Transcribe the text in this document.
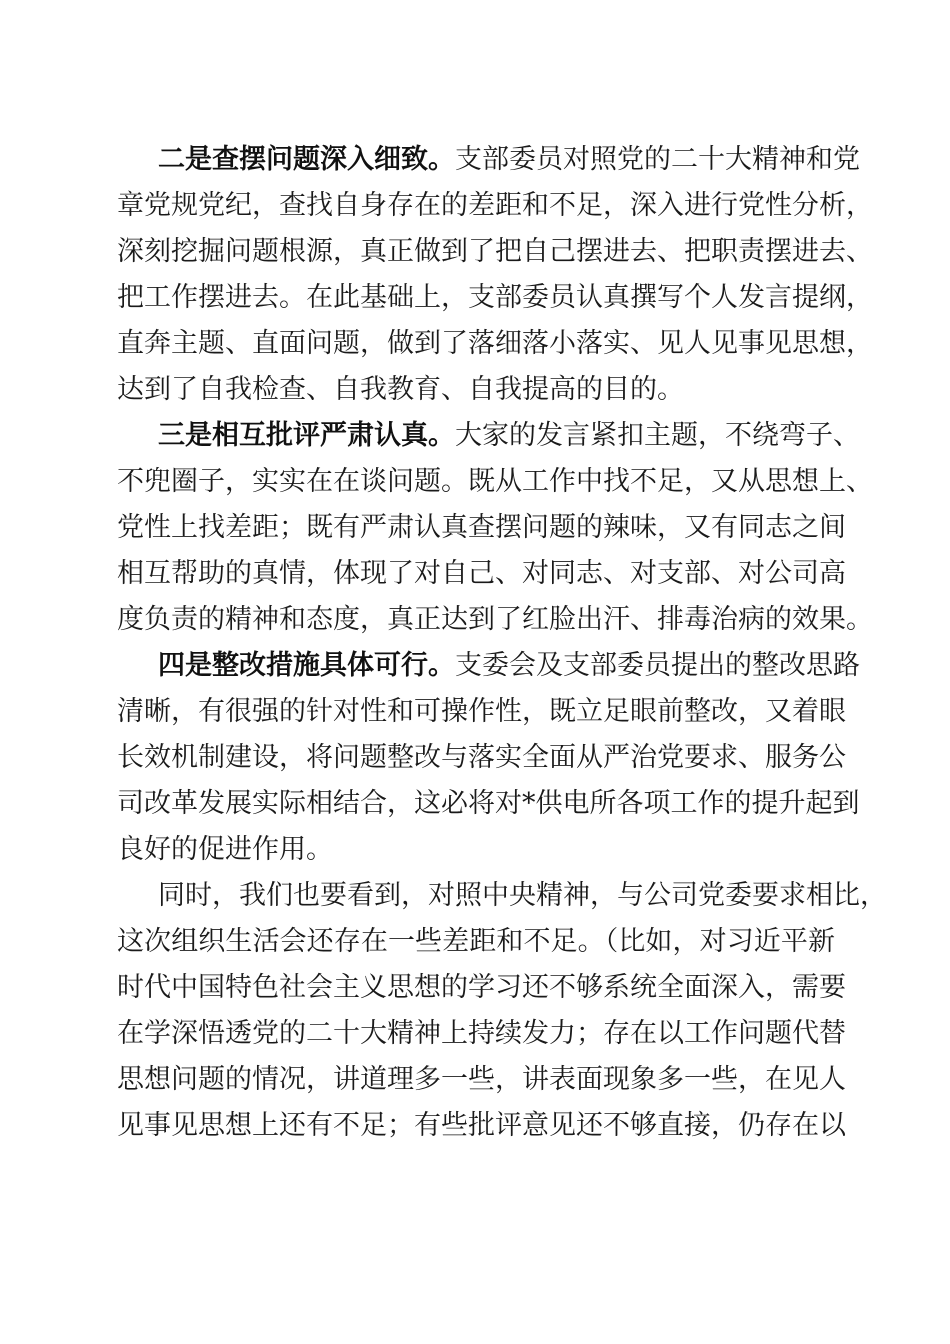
二是查摆问题深入细致。支部委员对照党的二十大精神和党
章党规党纪，查找自身存在的差距和不足，深入进行党性分析，
深刻挖掘问题根源，真正做到了把自己摆进去、把职责摆进去、
把工作摆进去。在此基础上，支部委员认真撰写个人发言提纲，
直奔主题、直面问题，做到了落细落小落实、见人见事见思想，
达到了自我检查、自我教育、自我提高的目的。
三是相互批评严肃认真。大家的发言紧扣主题，不绕弯子、
不兜圈子，实实在在谈问题。既从工作中找不足，又从思想上、
党性上找差距；既有严肃认真查摆问题的辣味，又有同志之间
相互帮助的真情，体现了对自己、对同志、对支部、对公司高
度负责的精神和态度，真正达到了红脸出汗、排毒治病的效果。
四是整改措施具体可行。支委会及支部委员提出的整改思路
清晰，有很强的针对性和可操作性，既立足眼前整改，又着眼
长效机制建设，将问题整改与落实全面从严治党要求、服务公
司改革发展实际相结合，这必将对*供电所各项工作的提升起到
良好的促进作用。
同时，我们也要看到，对照中央精神，与公司党委要求相比，
这次组织生活会还存在一些差距和不足。（比如，对习近平新
时代中国特色社会主义思想的学习还不够系统全面深入，需要
在学深悟透党的二十大精神上持续发力；存在以工作问题代替
思想问题的情况，讲道理多一些，讲表面现象多一些，在见人
见事见思想上还有不足；有些批评意见还不够直接，仍存在以
